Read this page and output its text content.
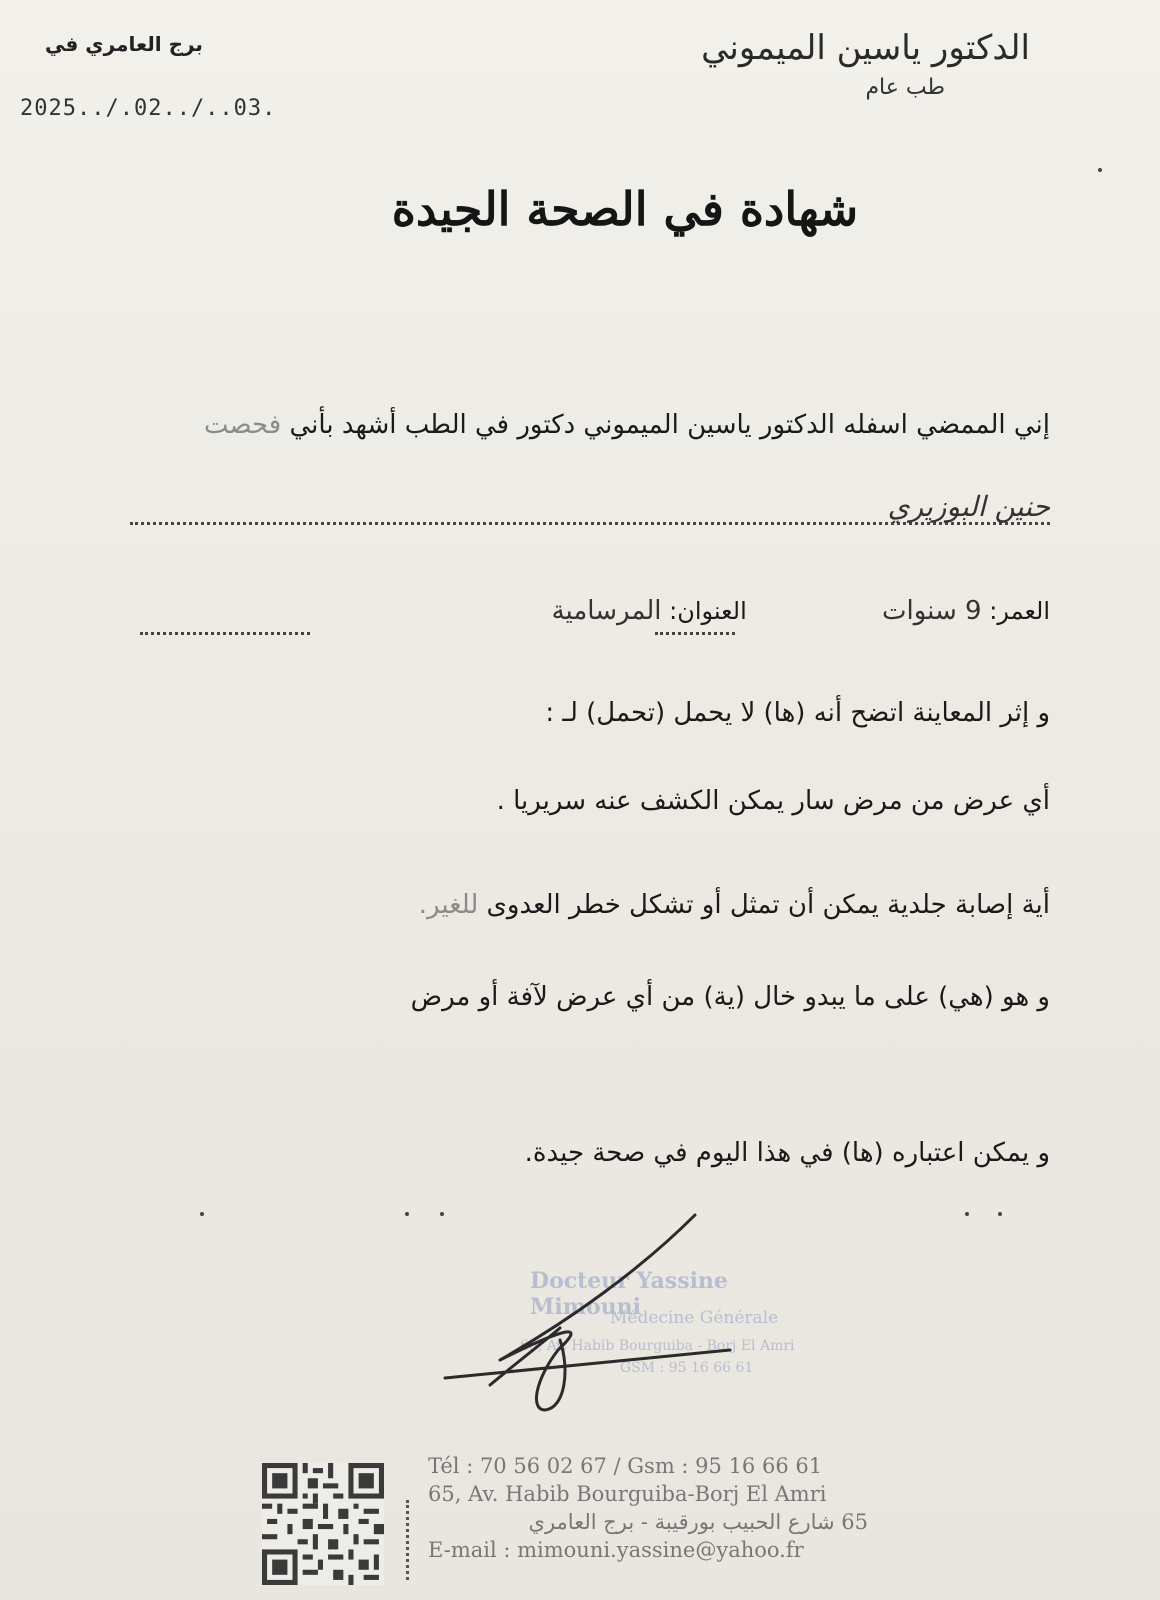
الدكتور ياسين الميموني
طب عام
برج العامري في
2025../.02../..03.
شهادة في الصحة الجيدة
إني الممضي اسفله الدكتور ياسين الميموني دكتور في الطب أشهد بأني فحصت
حنين البوزيري
العمر: 9 سنوات  العنوان: المرسامية
و إثر المعاينة اتضح أنه (ها) لا يحمل (تحمل) لـ :
أي عرض من مرض سار يمكن الكشف عنه سريريا .
أية إصابة جلدية يمكن أن تمثل أو تشكل خطر العدوى للغير.
و هو (هي) على ما يبدو خال (ية) من أي عرض لآفة أو مرض
و يمكن اعتباره (ها) في هذا اليوم في صحة جيدة.
Docteur Yassine Mimouni
Médecine Générale
65, Av. Habib Bourguiba - Borj El Amri
GSM : 95 16 66 61
Tél : 70 56 02 67 / Gsm : 95 16 66 61
65, Av. Habib Bourguiba-Borj El Amri
65 شارع الحبيب بورقيبة - برج العامري
E-mail : mimouni.yassine@yahoo.fr
